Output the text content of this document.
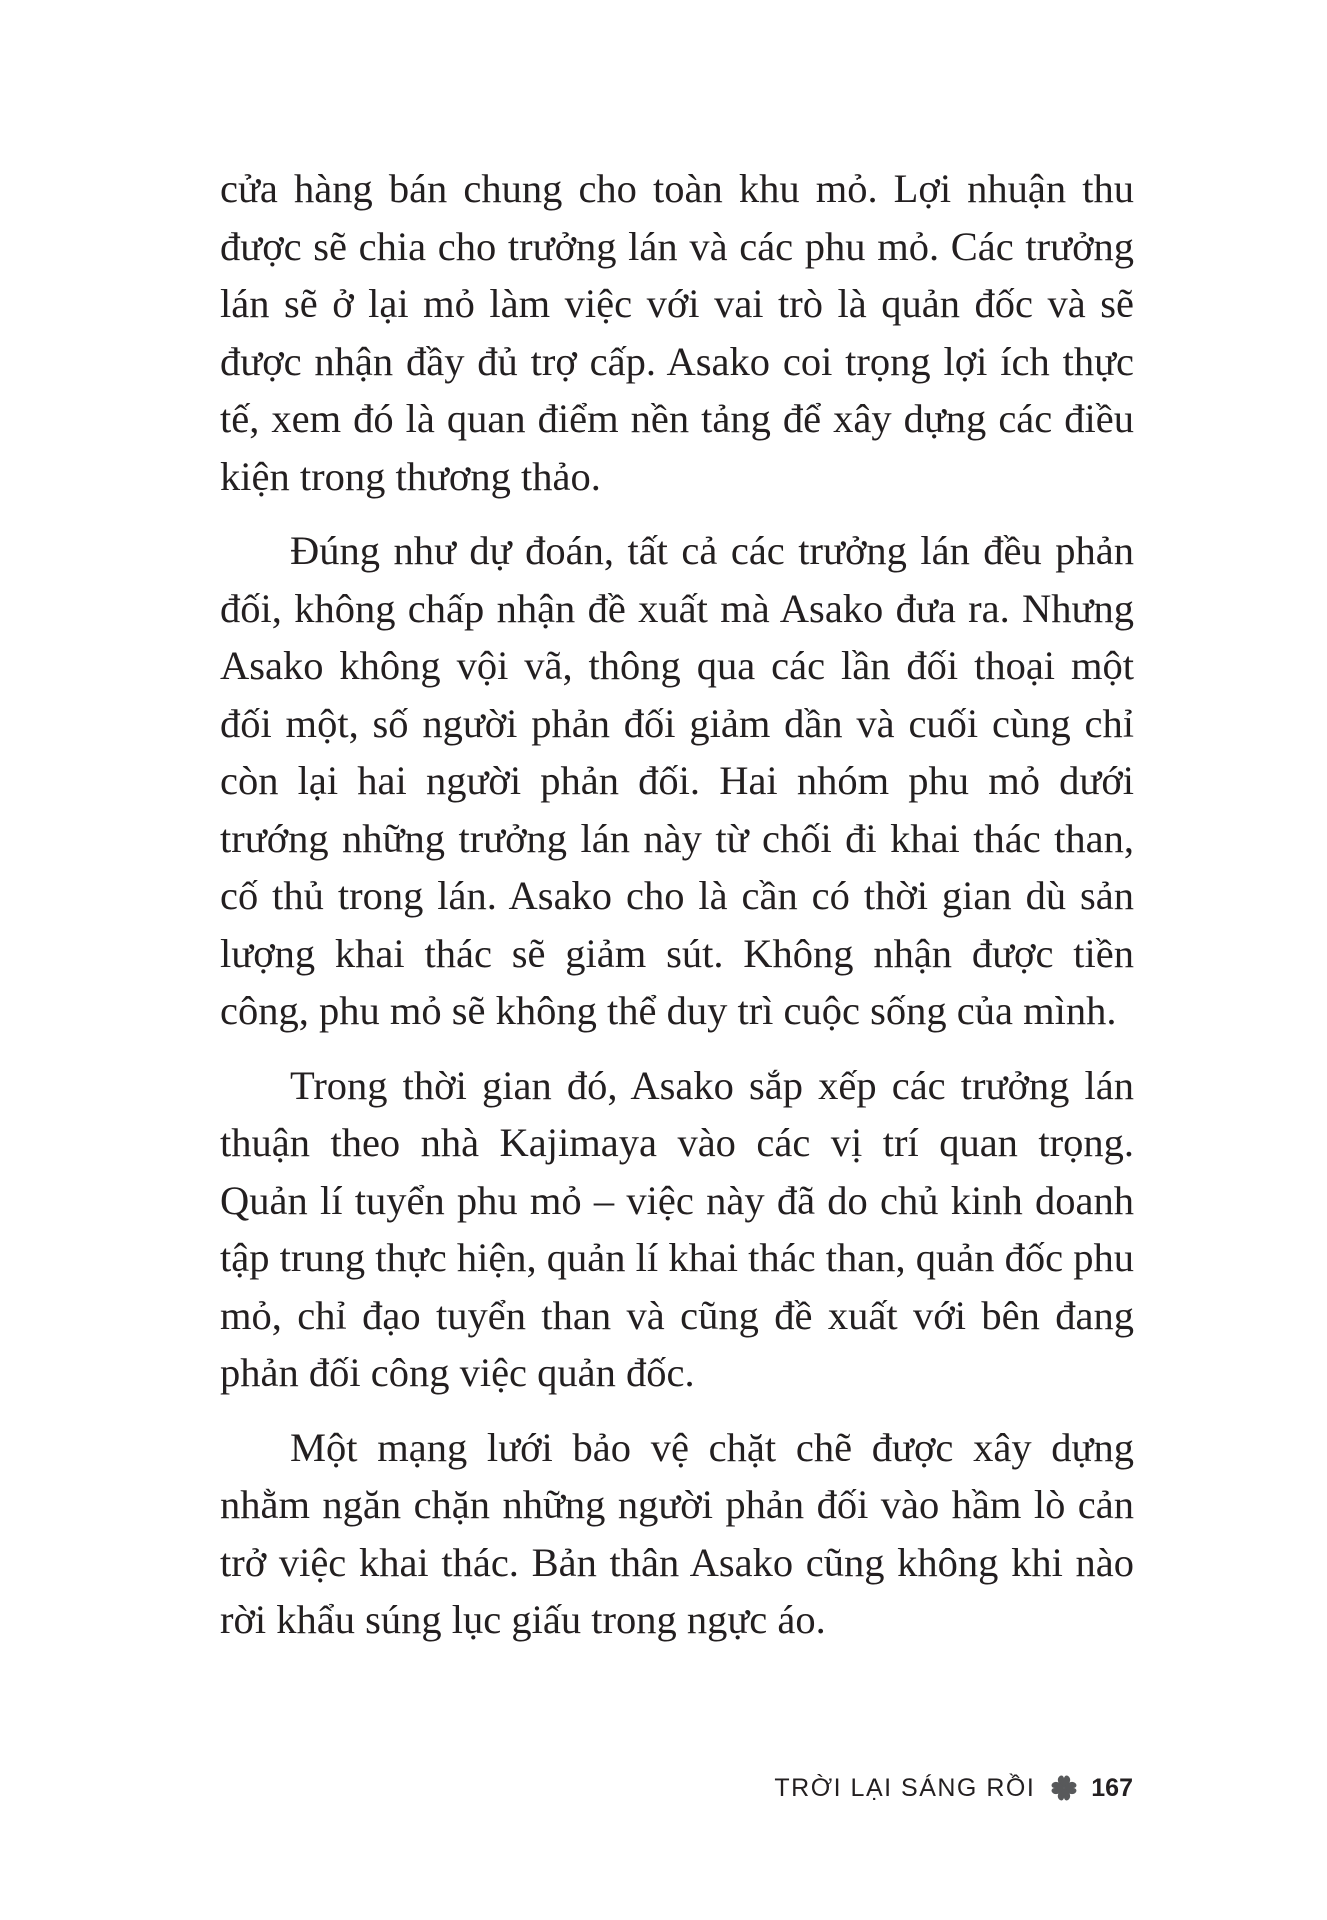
cửa hàng bán chung cho toàn khu mỏ. Lợi nhuận thu được sẽ chia cho trưởng lán và các phu mỏ. Các trưởng lán sẽ ở lại mỏ làm việc với vai trò là quản đốc và sẽ được nhận đầy đủ trợ cấp. Asako coi trọng lợi ích thực tế, xem đó là quan điểm nền tảng để xây dựng các điều kiện trong thương thảo.

Đúng như dự đoán, tất cả các trưởng lán đều phản đối, không chấp nhận đề xuất mà Asako đưa ra. Nhưng Asako không vội vã, thông qua các lần đối thoại một đối một, số người phản đối giảm dần và cuối cùng chỉ còn lại hai người phản đối. Hai nhóm phu mỏ dưới trướng những trưởng lán này từ chối đi khai thác than, cố thủ trong lán. Asako cho là cần có thời gian dù sản lượng khai thác sẽ giảm sút. Không nhận được tiền công, phu mỏ sẽ không thể duy trì cuộc sống của mình.

Trong thời gian đó, Asako sắp xếp các trưởng lán thuận theo nhà Kajimaya vào các vị trí quan trọng. Quản lí tuyển phu mỏ – việc này đã do chủ kinh doanh tập trung thực hiện, quản lí khai thác than, quản đốc phu mỏ, chỉ đạo tuyển than và cũng đề xuất với bên đang phản đối công việc quản đốc.

Một mạng lưới bảo vệ chặt chẽ được xây dựng nhằm ngăn chặn những người phản đối vào hầm lò cản trở việc khai thác. Bản thân Asako cũng không khi nào rời khẩu súng lục giấu trong ngực áo.

TRỜI LẠI SÁNG RỒI 167
